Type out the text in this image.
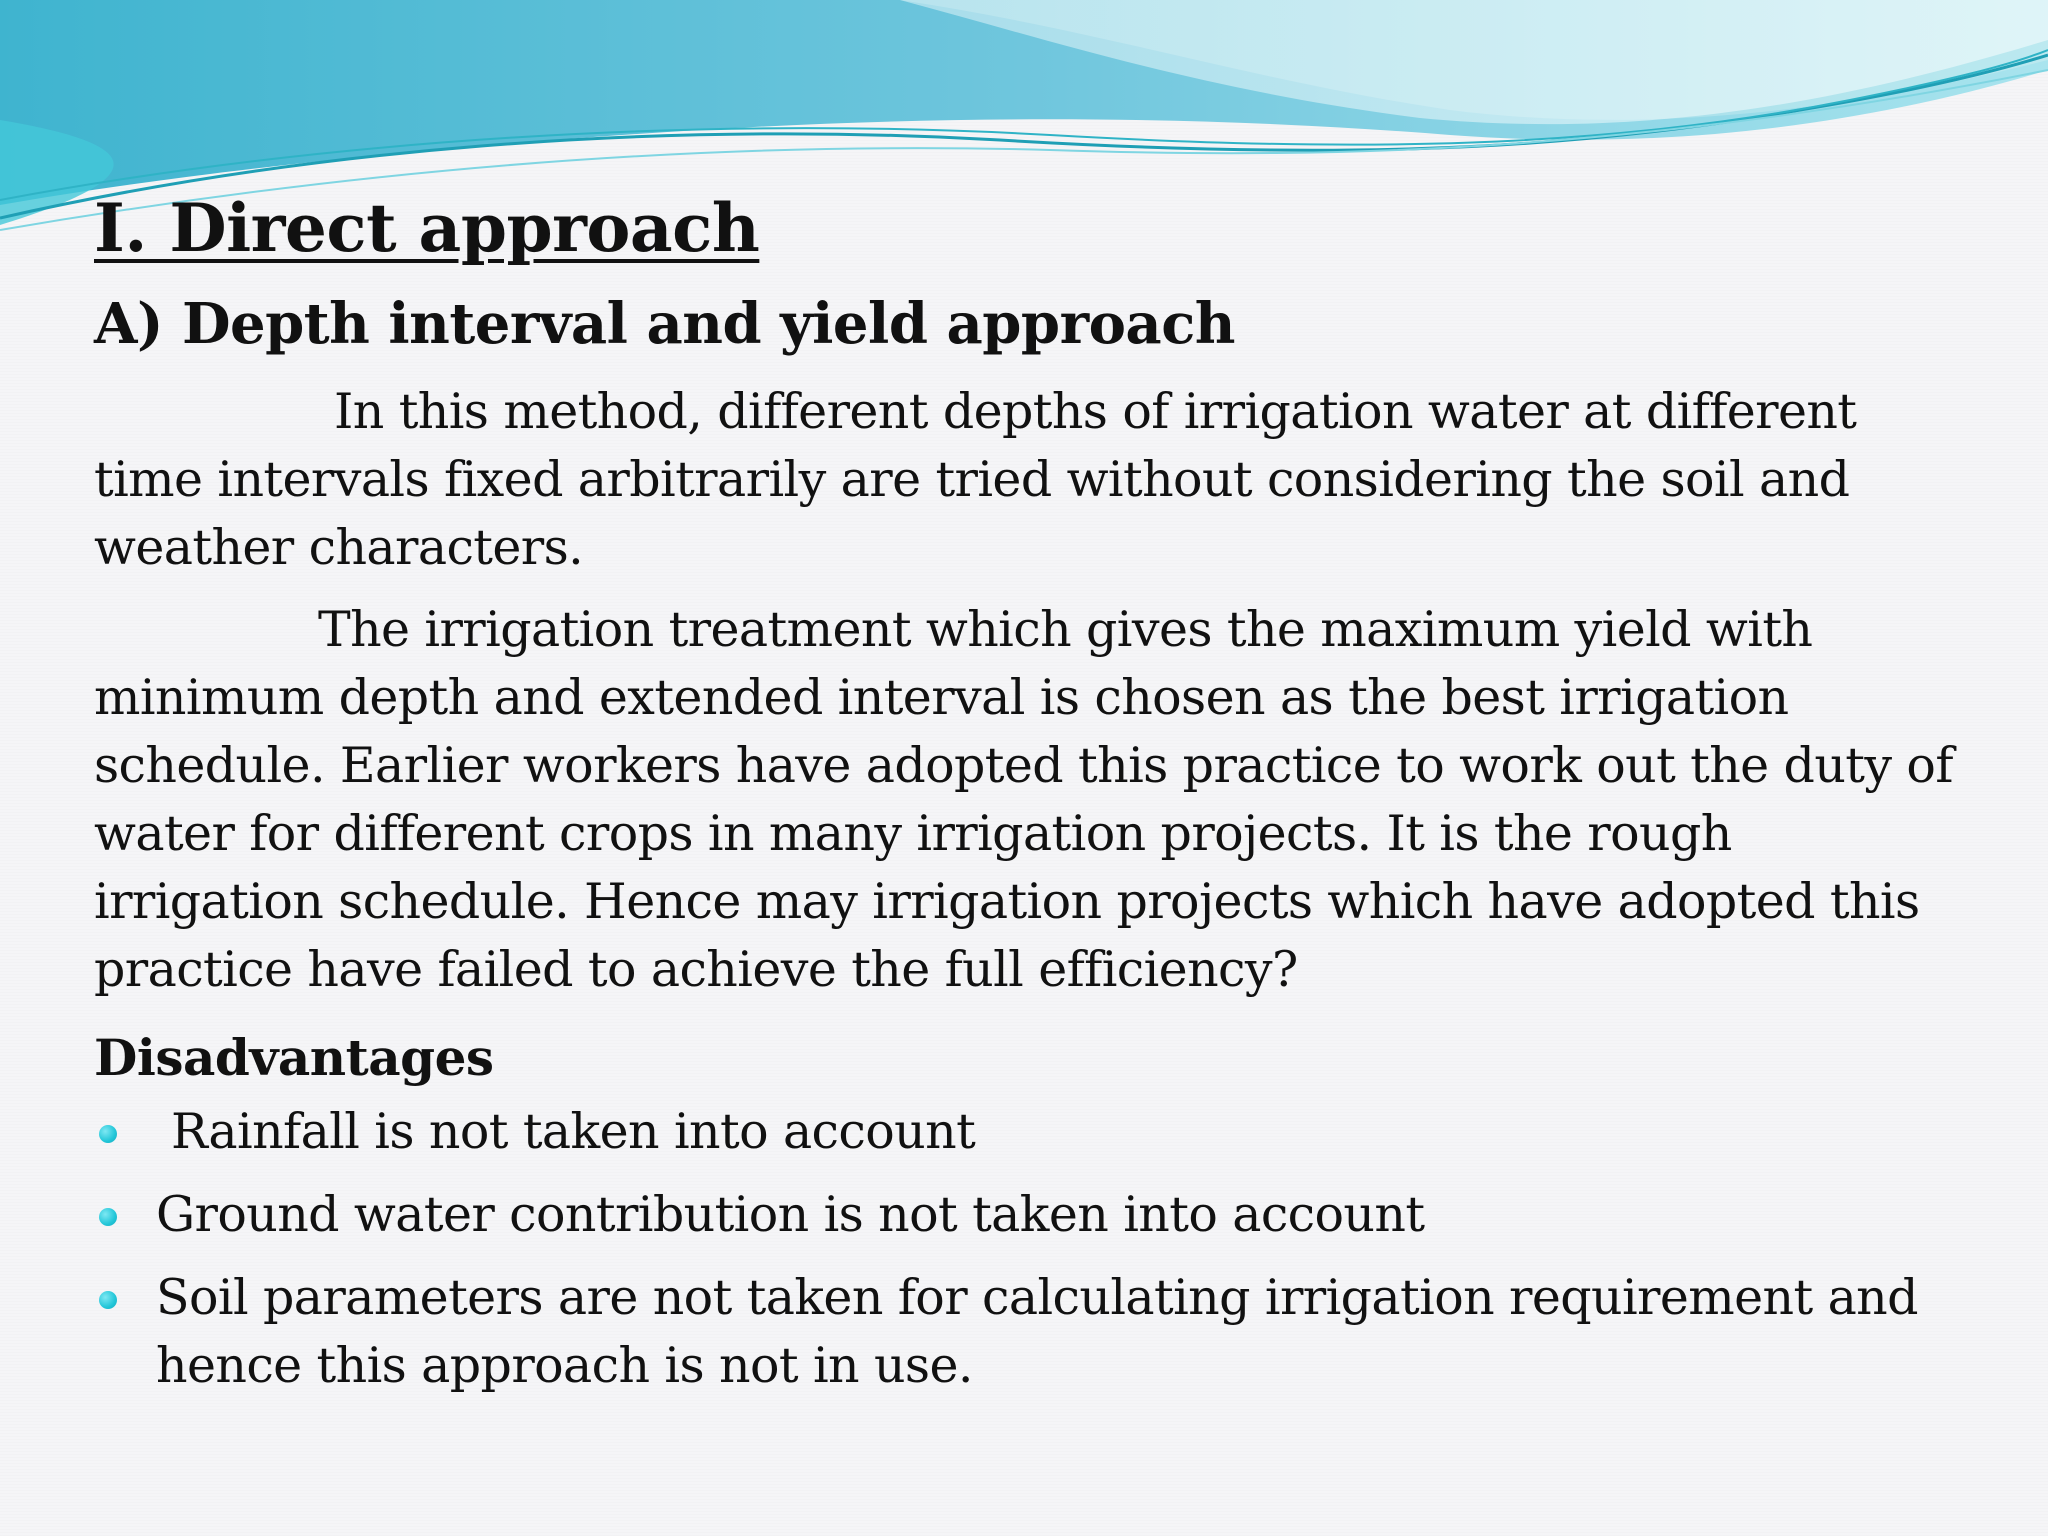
I. Direct approach
A) Depth interval and yield approach

In this method, different depths of irrigation water at different time intervals fixed arbitrarily are tried without considering the soil and weather characters.

The irrigation treatment which gives the maximum yield with minimum depth and extended interval is chosen as the best irrigation schedule. Earlier workers have adopted this practice to work out the duty of water for different crops in many irrigation projects. It is the rough irrigation schedule. Hence may irrigation projects which have adopted this practice have failed to achieve the full efficiency?

Disadvantages
Rainfall is not taken into account
Ground water contribution is not taken into account
Soil parameters are not taken for calculating irrigation requirement and hence this approach is not in use.
